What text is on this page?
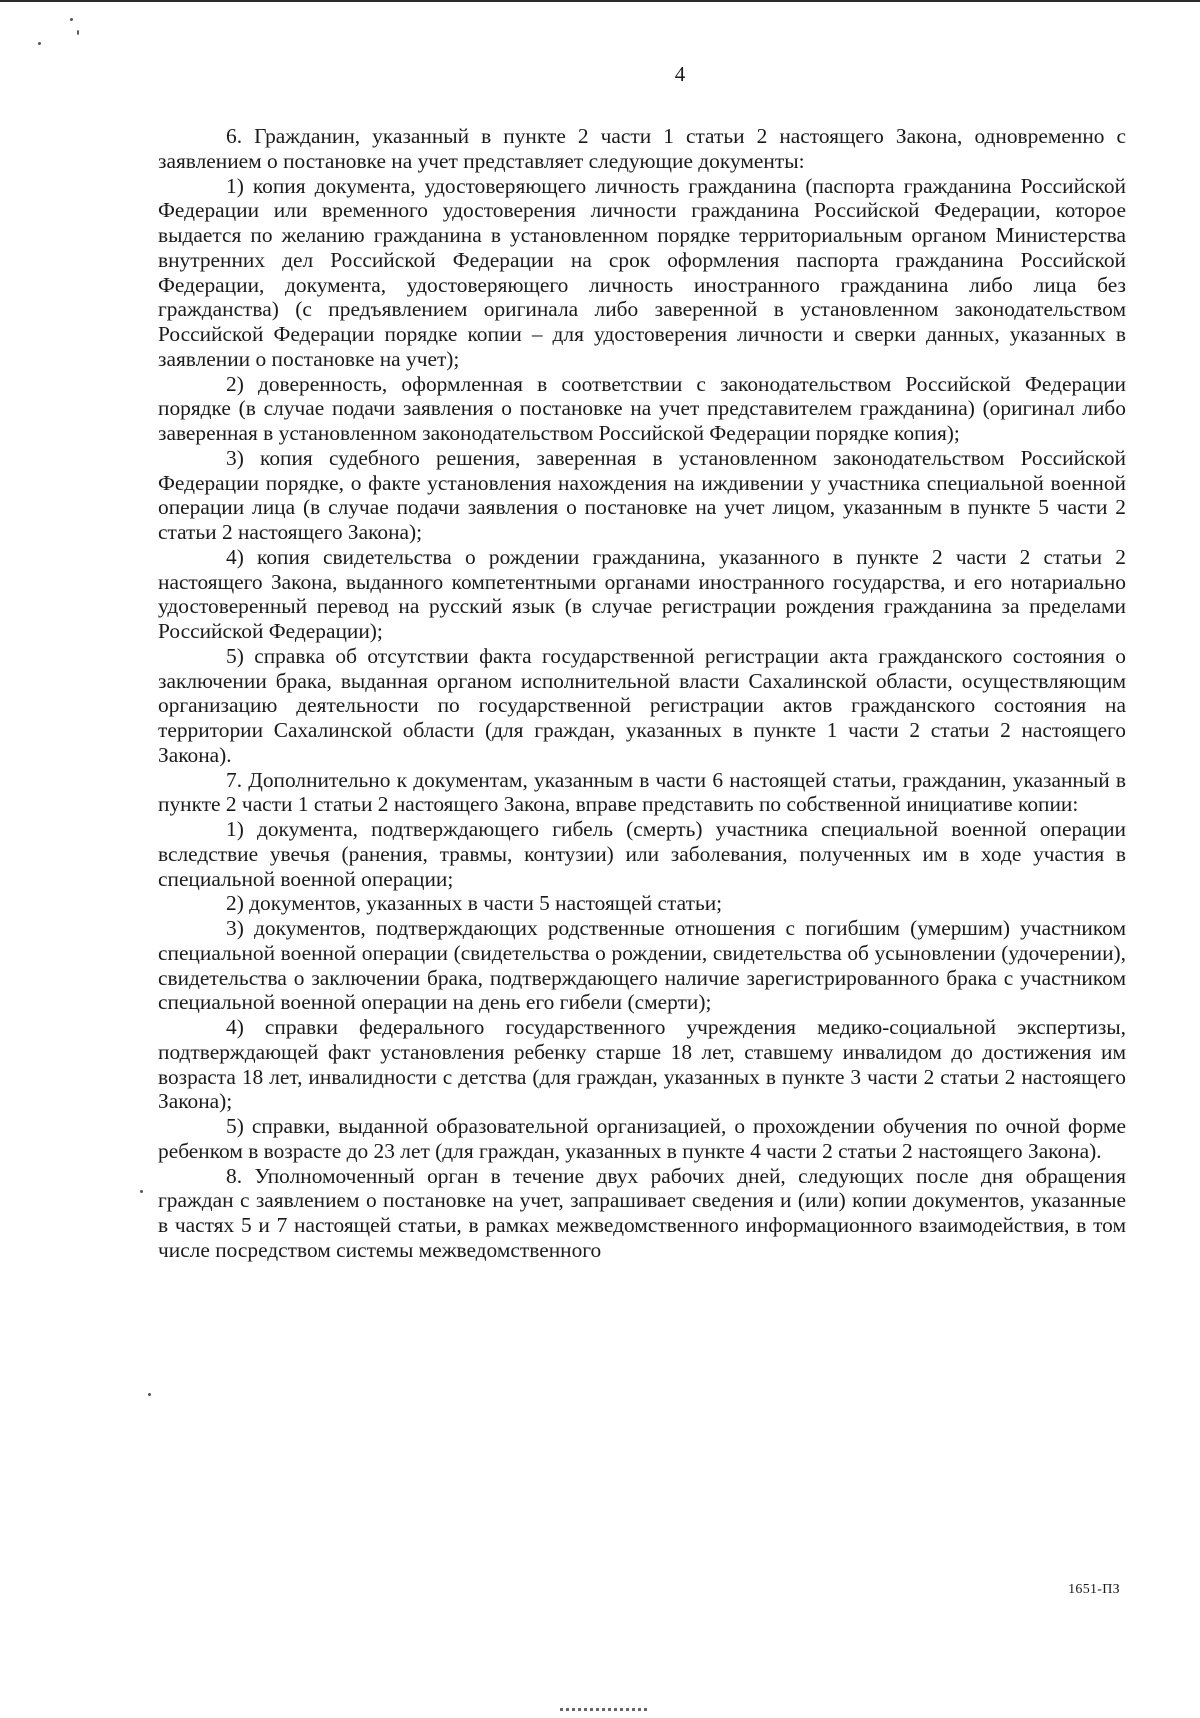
4

6. Гражданин, указанный в пункте 2 части 1 статьи 2 настоящего Закона, одновременно с заявлением о постановке на учет представляет следующие документы:

1) копия документа, удостоверяющего личность гражданина (паспорта гражданина Российской Федерации или временного удостоверения личности гражданина Российской Федерации, которое выдается по желанию гражданина в установленном порядке территориальным органом Министерства внутренних дел Российской Федерации на срок оформления паспорта гражданина Российской Федерации, документа, удостоверяющего личность иностранного гражданина либо лица без гражданства) (с предъявлением оригинала либо заверенной в установленном законодательством Российской Федерации порядке копии – для удостоверения личности и сверки данных, указанных в заявлении о постановке на учет);

2) доверенность, оформленная в соответствии с законодательством Российской Федерации порядке (в случае подачи заявления о постановке на учет представителем гражданина) (оригинал либо заверенная в установленном законодательством Российской Федерации порядке копия);

3) копия судебного решения, заверенная в установленном законодательством Российской Федерации порядке, о факте установления нахождения на иждивении у участника специальной военной операции лица (в случае подачи заявления о постановке на учет лицом, указанным в пункте 5 части 2 статьи 2 настоящего Закона);

4) копия свидетельства о рождении гражданина, указанного в пункте 2 части 2 статьи 2 настоящего Закона, выданного компетентными органами иностранного государства, и его нотариально удостоверенный перевод на русский язык (в случае регистрации рождения гражданина за пределами Российской Федерации);

5) справка об отсутствии факта государственной регистрации акта гражданского состояния о заключении брака, выданная органом исполнительной власти Сахалинской области, осуществляющим организацию деятельности по государственной регистрации актов гражданского состояния на территории Сахалинской области (для граждан, указанных в пункте 1 части 2 статьи 2 настоящего Закона).

7. Дополнительно к документам, указанным в части 6 настоящей статьи, гражданин, указанный в пункте 2 части 1 статьи 2 настоящего Закона, вправе представить по собственной инициативе копии:

1) документа, подтверждающего гибель (смерть) участника специальной военной операции вследствие увечья (ранения, травмы, контузии) или заболевания, полученных им в ходе участия в специальной военной операции;

2) документов, указанных в части 5 настоящей статьи;

3) документов, подтверждающих родственные отношения с погибшим (умершим) участником специальной военной операции (свидетельства о рождении, свидетельства об усыновлении (удочерении), свидетельства о заключении брака, подтверждающего наличие зарегистрированного брака с участником специальной военной операции на день его гибели (смерти);

4) справки федерального государственного учреждения медико-социальной экспертизы, подтверждающей факт установления ребенку старше 18 лет, ставшему инвалидом до достижения им возраста 18 лет, инвалидности с детства (для граждан, указанных в пункте 3 части 2 статьи 2 настоящего Закона);

5) справки, выданной образовательной организацией, о прохождении обучения по очной форме ребенком в возрасте до 23 лет (для граждан, указанных в пункте 4 части 2 статьи 2 настоящего Закона).

8. Уполномоченный орган в течение двух рабочих дней, следующих после дня обращения граждан с заявлением о постановке на учет, запрашивает сведения и (или) копии документов, указанные в частях 5 и 7 настоящей статьи, в рамках межведомственного информационного взаимодействия, в том числе посредством системы межведомственного

1651-ПЗ
